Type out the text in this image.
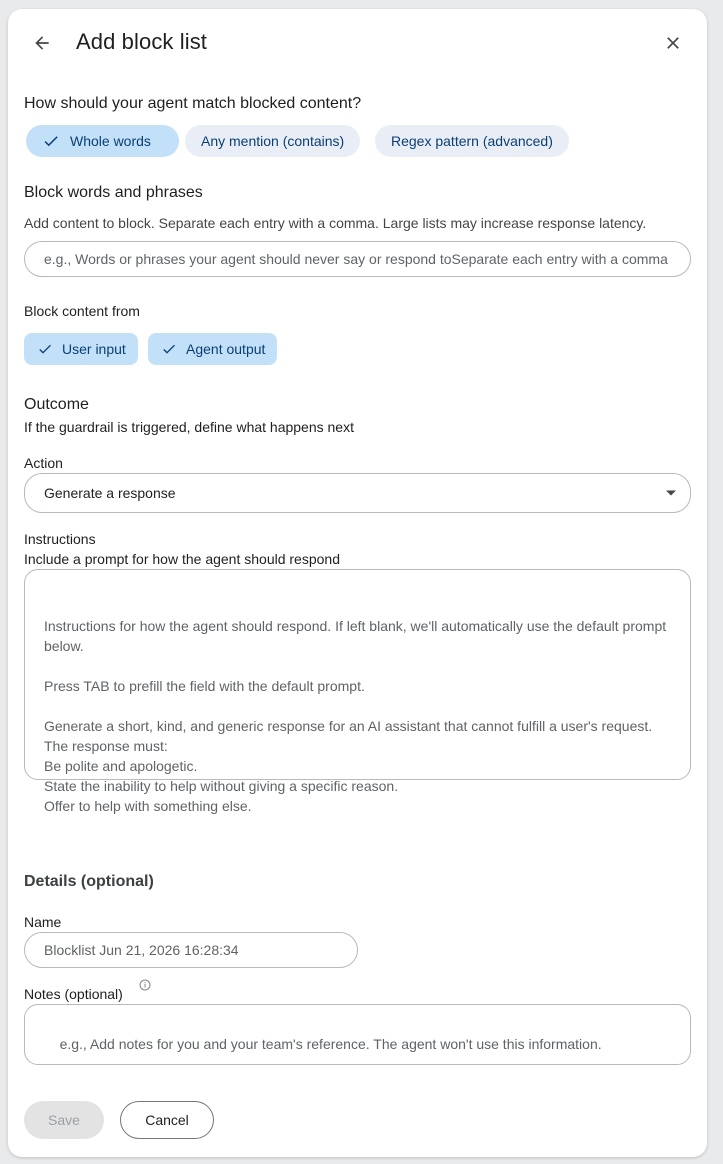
Add block list
How should your agent match blocked content?
Whole words	Any mention (contains)	Regex pattern (advanced)
Block words and phrases
Add content to block. Separate each entry with a comma. Large lists may increase response latency.
e.g., Words or phrases your agent should never say or respond toSeparate each entry with a comma
Block content from
User input	Agent output
Outcome
If the guardrail is triggered, define what happens next
Action
Generate a response
Instructions
Include a prompt for how the agent should respond

Instructions for how the agent should respond. If left blank, we'll automatically use the default prompt below.

Press TAB to prefill the field with the default prompt.

Generate a short, kind, and generic response for an AI assistant that cannot fulfill a user's request.
The response must:
Be polite and apologetic.
State the inability to help without giving a specific reason.
Offer to help with something else.

Details (optional)
Name
Blocklist Jun 21, 2026 16:28:34
Notes (optional)

e.g., Add notes for you and your team's reference. The agent won't use this information.

Save	Cancel
